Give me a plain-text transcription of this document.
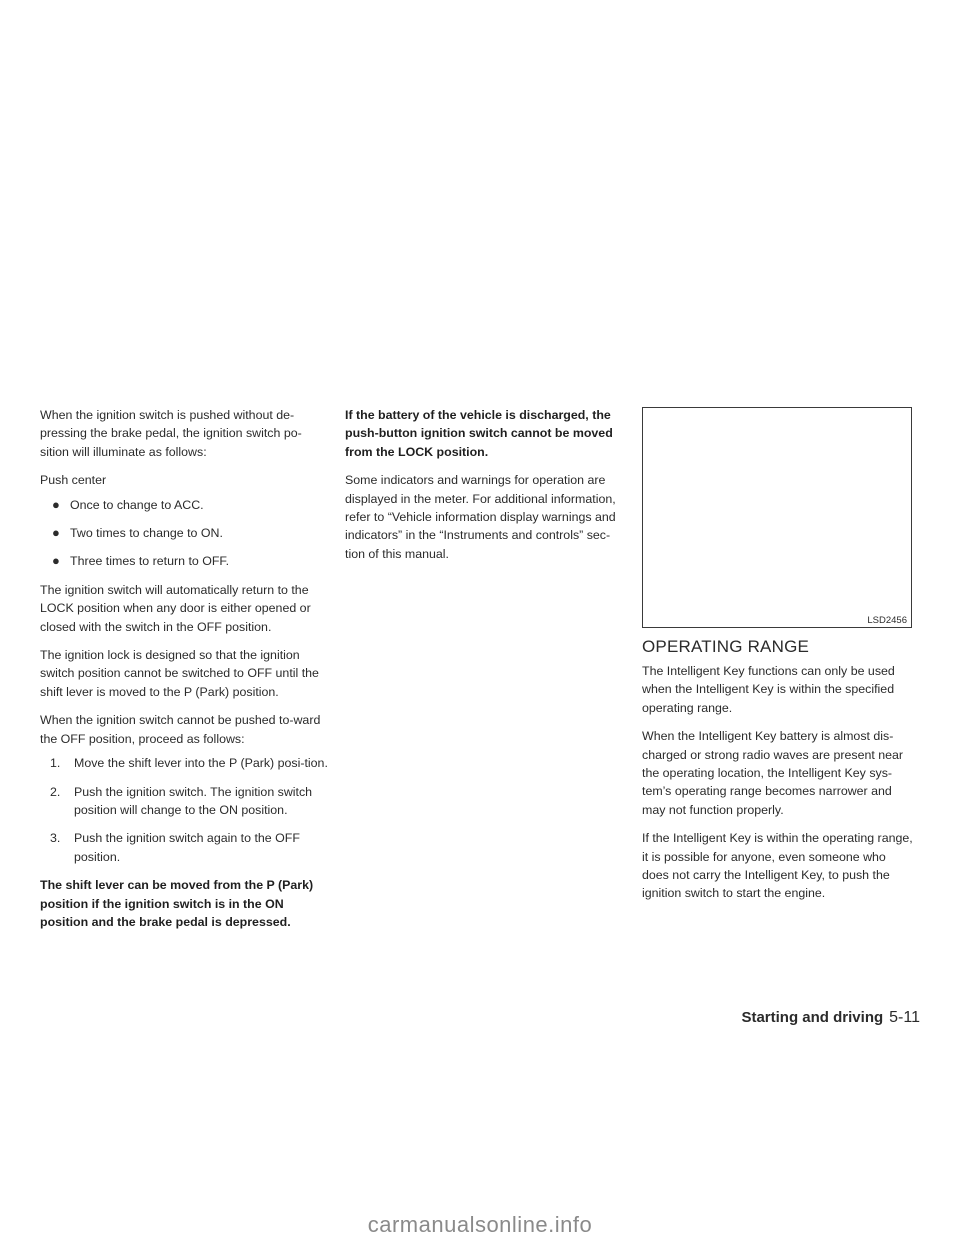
When the ignition switch is pushed without de-pressing the brake pedal, the ignition switch po-sition will illuminate as follows:

Push center

● Once to change to ACC.
● Two times to change to ON.
● Three times to return to OFF.

The ignition switch will automatically return to the LOCK position when any door is either opened or closed with the switch in the OFF position.

The ignition lock is designed so that the ignition switch position cannot be switched to OFF until the shift lever is moved to the P (Park) position.

When the ignition switch cannot be pushed to-ward the OFF position, proceed as follows:

1. Move the shift lever into the P (Park) posi-tion.
2. Push the ignition switch. The ignition switch position will change to the ON position.
3. Push the ignition switch again to the OFF position.

The shift lever can be moved from the P (Park) position if the ignition switch is in the ON position and the brake pedal is depressed.

If the battery of the vehicle is discharged, the push-button ignition switch cannot be moved from the LOCK position.

Some indicators and warnings for operation are displayed in the meter. For additional information, refer to “Vehicle information display warnings and indicators” in the “Instruments and controls” sec-tion of this manual.

LSD2456
OPERATING RANGE

The Intelligent Key functions can only be used when the Intelligent Key is within the specified operating range.

When the Intelligent Key battery is almost dis-charged or strong radio waves are present near the operating location, the Intelligent Key sys-tem’s operating range becomes narrower and may not function properly.

If the Intelligent Key is within the operating range, it is possible for anyone, even someone who does not carry the Intelligent Key, to push the ignition switch to start the engine.

Starting and driving 5-11
carmanualsonline.info
